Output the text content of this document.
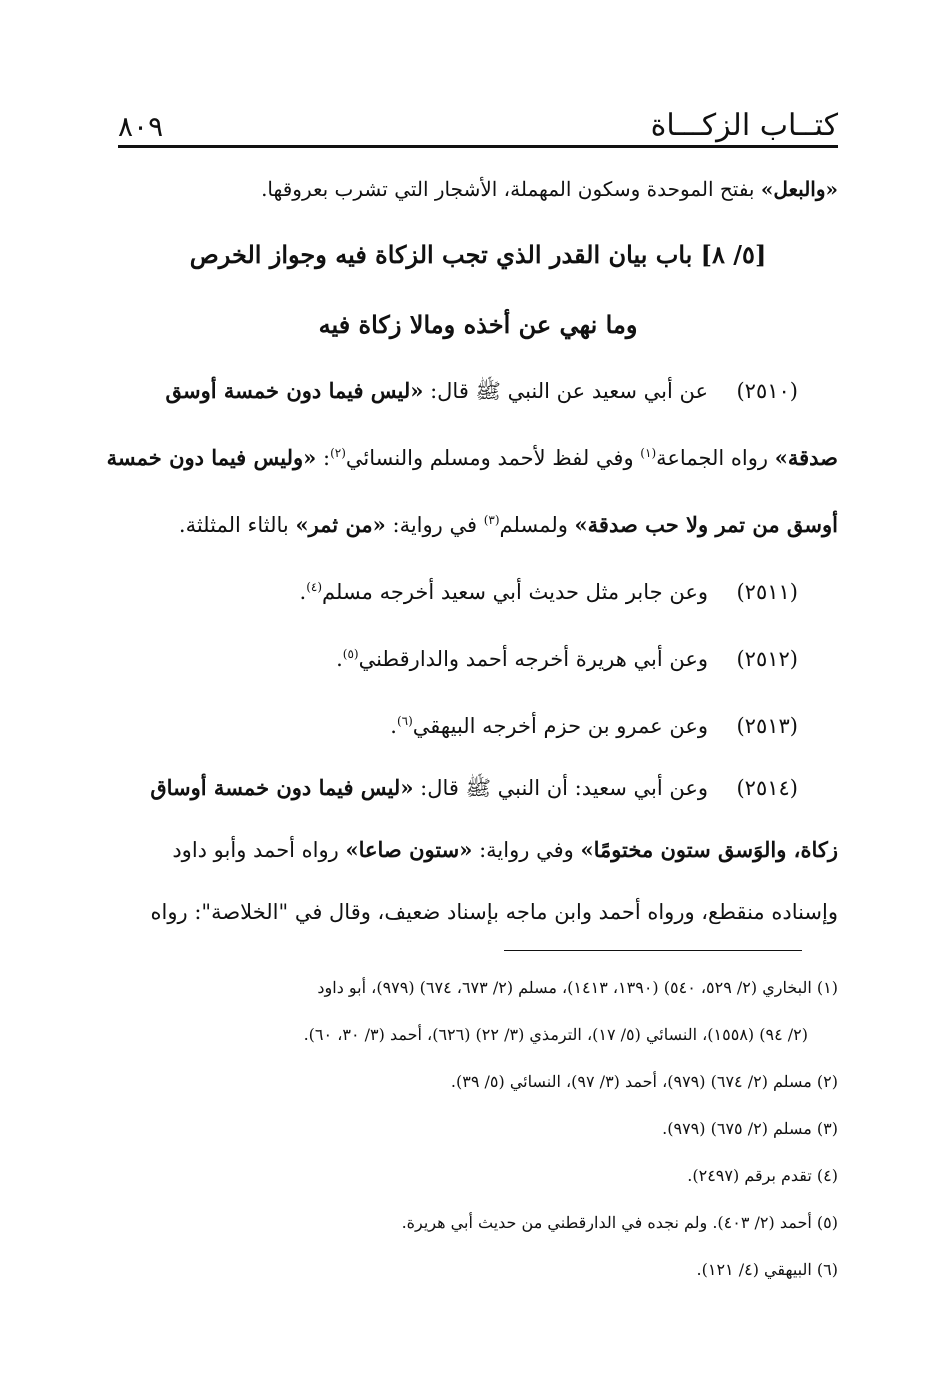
كتــاب الزكـــاة
٨٠٩
«والبعل» بفتح الموحدة وسكون المهملة، الأشجار التي تشرب بعروقها.
[٥/ ٨] باب بيان القدر الذي تجب الزكاة فيه وجواز الخرص
وما نهي عن أخذه ومالا زكاة فيه
(٢٥١٠)عن أبي سعيد عن النبي ﷺ قال: «ليس فيما دون خمسة أوسق
صدقة» رواه الجماعة$^{(١)}$ وفي لفظ لأحمد ومسلم والنسائي$^{(٢)}$: «وليس فيما دون خمسة
أوسق من تمر ولا حب صدقة» ولمسلم$^{(٣)}$ في رواية: «من ثمر» بالثاء المثلثة.
(٢٥١١)وعن جابر مثل حديث أبي سعيد أخرجه مسلم$^{(٤)}$.
(٢٥١٢)وعن أبي هريرة أخرجه أحمد والدارقطني$^{(٥)}$.
(٢٥١٣)وعن عمرو بن حزم أخرجه البيهقي$^{(٦)}$.
(٢٥١٤)وعن أبي سعيد: أن النبي ﷺ قال: «ليس فيما دون خمسة أوساق
زكاة، والوَسق ستون مختومًا» وفي رواية: «ستون صاعا» رواه أحمد وأبو داود
وإسناده منقطع، ورواه أحمد وابن ماجه بإسناد ضعيف، وقال في "الخلاصة": رواه
(١) البخاري (٢/ ٥٢٩، ٥٤٠) (١٣٩٠، ١٤١٣)، مسلم (٢/ ٦٧٣، ٦٧٤) (٩٧٩)، أبو داود
(٢/ ٩٤) (١٥٥٨)، النسائي (٥/ ١٧)، الترمذي (٣/ ٢٢) (٦٢٦)، أحمد (٣/ ٣٠، ٦٠).
(٢) مسلم (٢/ ٦٧٤) (٩٧٩)، أحمد (٣/ ٩٧)، النسائي (٥/ ٣٩).
(٣) مسلم (٢/ ٦٧٥) (٩٧٩).
(٤) تقدم برقم (٢٤٩٧).
(٥) أحمد (٢/ ٤٠٣). ولم نجده في الدارقطني من حديث أبي هريرة.
(٦) البيهقي (٤/ ١٢١).
